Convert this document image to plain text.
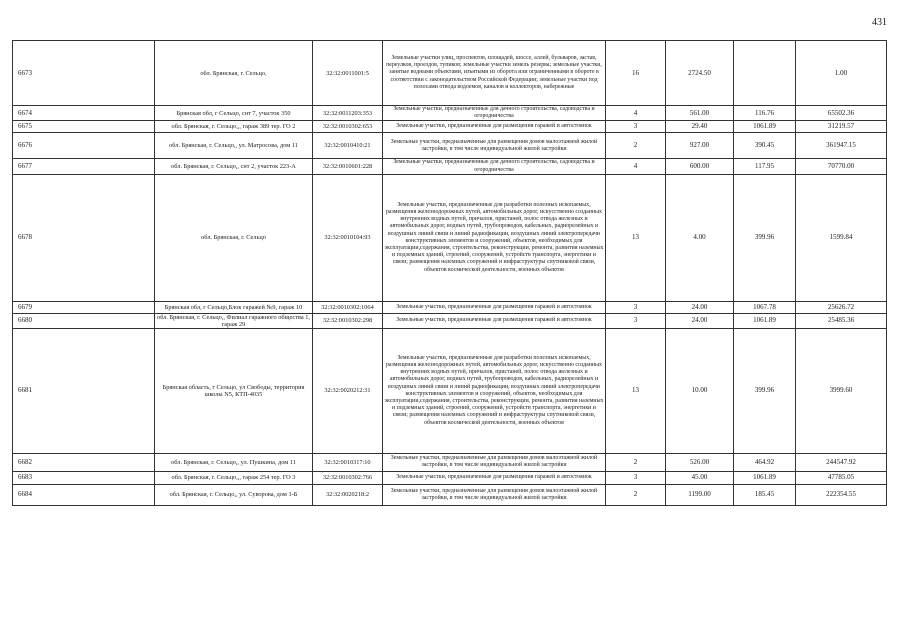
431
6673	обл. Брянская, г. Сельцо,	32:32:0011001:5	Земельные участки улиц, проспектов, площадей, шоссе, аллей, бульваров, застав, переулков, проездов, тупиков; земельные участки земель резерва; земельные участки, занятые водными объектами, изъятыми из оборота или ограниченными в обороте в соответствии с законодательством Российской Федерации; земельные участки под полосами отвода водоемов, каналов и коллекторов, набережные	16	2724.50		1.00
6674	Брянская обл, г Сельцо, снт 7, участок 350	32:32:0011203:353	Земельные участки, предназначенные для дачного строительства, садоводства и огородничества	4	561.00	116.76	65502.36
6675	обл. Брянская, г. Сельцо,,, гараж 389 тер. ГО 2	32:32:0010302:653	Земельные участки, предназначенные для размещения гаражей и автостоянок	3	29.40	1061.89	31219.57
6676	обл. Брянская, г. Сельцо,, ул. Матросова, дом 11	32:32:0010410:21	Земельные участки, предназначенные для размещения домов малоэтажной жилой застройки, в том числе индивидуальной жилой застройки	2	927.00	390.45	361947.15
6677	обл. Брянская, г. Сельцо,, снт 2, участок 223-А	32:32:0010601:228	Земельные участки, предназначенные для дачного строительства, садоводства и огородничества	4	600.00	117.95	70770.00
6678	обл. Брянская, г. Сельцо	32:32:0010104:93	Земельные участки, предназначенные для разработки полезных ископаемых, размещения железнодорожных путей, автомобильных дорог, искусственно созданных внутренних водных путей, причалов, пристаней, полос отвода железных и автомобильных дорог, водных путей, трубопроводов, кабельных, радиорелейных и воздушных линий связи и линий радиофикации, воздушных линий электропередачи конструктивных элементов и сооружений, объектов, необходимых для эксплуатации,содержания, строительства, реконструкции, ремонта, развития наземных и подземных зданий, строений, сооружений, устройств транспорта, энергетики и связи; размещения наземных сооружений и инфраструктуры спутниковой связи, объектов космической деятельности, военных объектов	13	4.00	399.96	1599.84
6679	Брянская обл, г Сельцо,Блок гаражей №9, гараж 10	32:32:0010302:1064	Земельные участки, предназначенные для размещения гаражей и автостоянок	3	24.00	1067.78	25626.72
6680	обл. Брянская, г. Сельцо,, Филиал гаражного общества 1, гараж 29	32:32:0010302:298	Земельные участки, предназначенные для размещения гаражей и автостоянок	3	24.00	1061.89	25485.36
6681	Брянская область, г Сельцо, ул Свободы, территория школы N5, КТП-4035	32:32:0020212:31	Земельные участки, предназначенные для разработки полезных ископаемых, размещения железнодорожных путей, автомобильных дорог, искусственно созданных внутренних водных путей, причалов, пристаней, полос отвода железных и автомобильных дорог, водных путей, трубопроводов, кабельных, радиорелейных и воздушных линий связи и линий радиофикации, воздушных линий электропередачи конструктивных элементов и сооружений, объектов, необходимых для эксплуатации,содержания, строительства, реконструкции, ремонта, развития наземных и подземных зданий, строений, сооружений, устройств транспорта, энергетики и связи; размещения наземных сооружений и инфраструктуры спутниковой связи, объектов космической деятельности, военных объектов	13	10.00	399.96	3999.60
6682	обл. Брянская, г. Сельцо,, ул. Пушкина, дом 11	32:32:0010317:10	Земельные участки, предназначенные для размещения домов малоэтажной жилой застройки, в том числе индивидуальной жилой застройки	2	526.00	464.92	244547.92
6683	обл. Брянская, г. Сельцо,,, гараж 254 тер. ГО 3	32:32:0010302:766	Земельные участки, предназначенные для размещения гаражей и автостоянок	3	45.00	1061.89	47785.05
6684	обл. Брянская, г. Сельцо,, ул. Суворова, дом 1-Б	32:32:0020218:2	Земельные участки, предназначенные для размещения домов малоэтажной жилой застройки, в том числе индивидуальной жилой застройки	2	1199.00	185.45	222354.55
